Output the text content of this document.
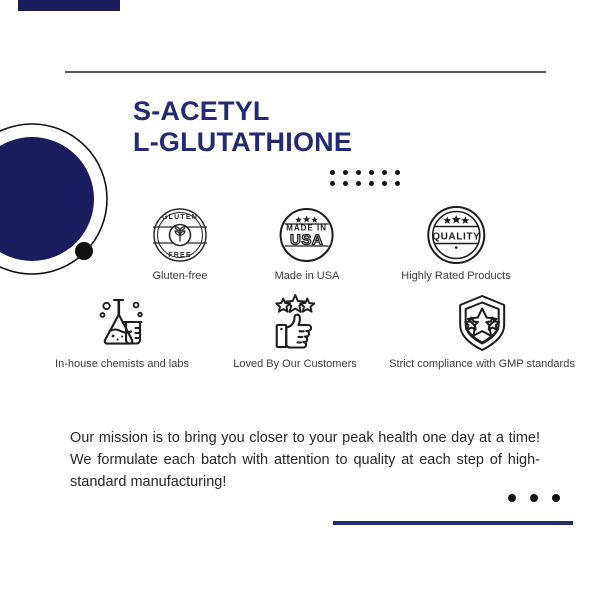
S-ACETYL
L-GLUTATHIONE
GLUTEN
FREE
Gluten-free
MADE IN
USA
Made in USA
QUALITY
Highly Rated Products
In-house chemists and labs	Loved By Our Customers	Strict compliance with GMP standards

Our mission is to bring you closer to your peak health one day at a time! We formulate each batch with attention to quality at each step of high-standard manufacturing!
